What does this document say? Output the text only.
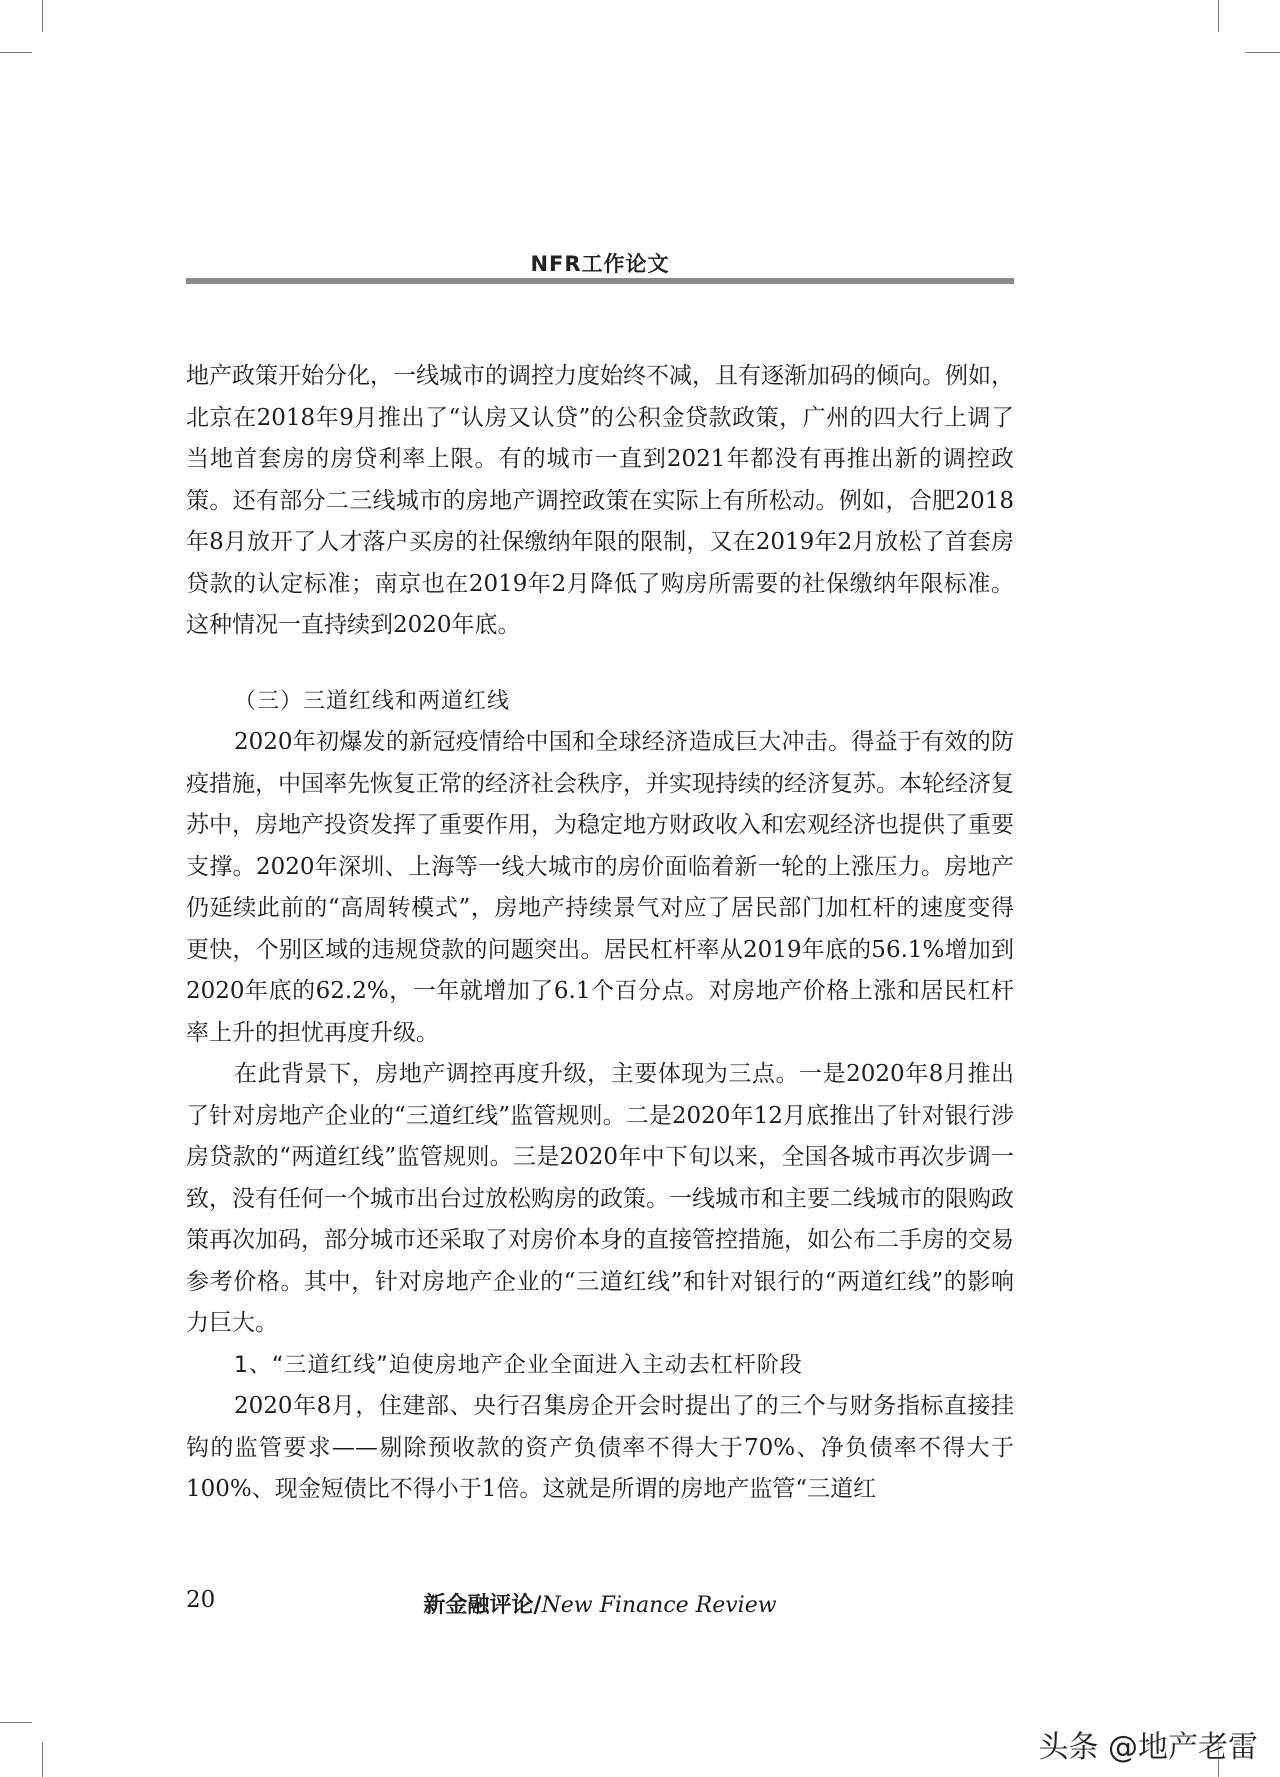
NFR工作论文

地产政策开始分化，一线城市的调控力度始终不减，且有逐渐加码的倾向。例如，北京在2018年9月推出了“认房又认贷”的公积金贷款政策，广州的四大行上调了当地首套房的房贷利率上限。有的城市一直到2021年都没有再推出新的调控政策。还有部分二三线城市的房地产调控政策在实际上有所松动。例如，合肥2018年8月放开了人才落户买房的社保缴纳年限的限制，又在2019年2月放松了首套房贷款的认定标准；南京也在2019年2月降低了购房所需要的社保缴纳年限标准。这种情况一直持续到2020年底。

（三）三道红线和两道红线

2020年初爆发的新冠疫情给中国和全球经济造成巨大冲击。得益于有效的防疫措施，中国率先恢复正常的经济社会秩序，并实现持续的经济复苏。本轮经济复苏中，房地产投资发挥了重要作用，为稳定地方财政收入和宏观经济也提供了重要支撑。2020年深圳、上海等一线大城市的房价面临着新一轮的上涨压力。房地产仍延续此前的“高周转模式”，房地产持续景气对应了居民部门加杠杆的速度变得更快，个别区域的违规贷款的问题突出。居民杠杆率从2019年底的56.1%增加到2020年底的62.2%，一年就增加了6.1个百分点。对房地产价格上涨和居民杠杆率上升的担忧再度升级。

在此背景下，房地产调控再度升级，主要体现为三点。一是2020年8月推出了针对房地产企业的“三道红线”监管规则。二是2020年12月底推出了针对银行涉房贷款的“两道红线”监管规则。三是2020年中下旬以来，全国各城市再次步调一致，没有任何一个城市出台过放松购房的政策。一线城市和主要二线城市的限购政策再次加码，部分城市还采取了对房价本身的直接管控措施，如公布二手房的交易参考价格。其中，针对房地产企业的“三道红线”和针对银行的“两道红线”的影响力巨大。

1、“三道红线”迫使房地产企业全面进入主动去杠杆阶段

2020年8月，住建部、央行召集房企开会时提出了的三个与财务指标直接挂钩的监管要求——剔除预收款的资产负债率不得大于70%、净负债率不得大于100%、现金短债比不得小于1倍。这就是所谓的房地产监管“三道红

20	新金融评论/New Finance Review
头条 @地产老雷
